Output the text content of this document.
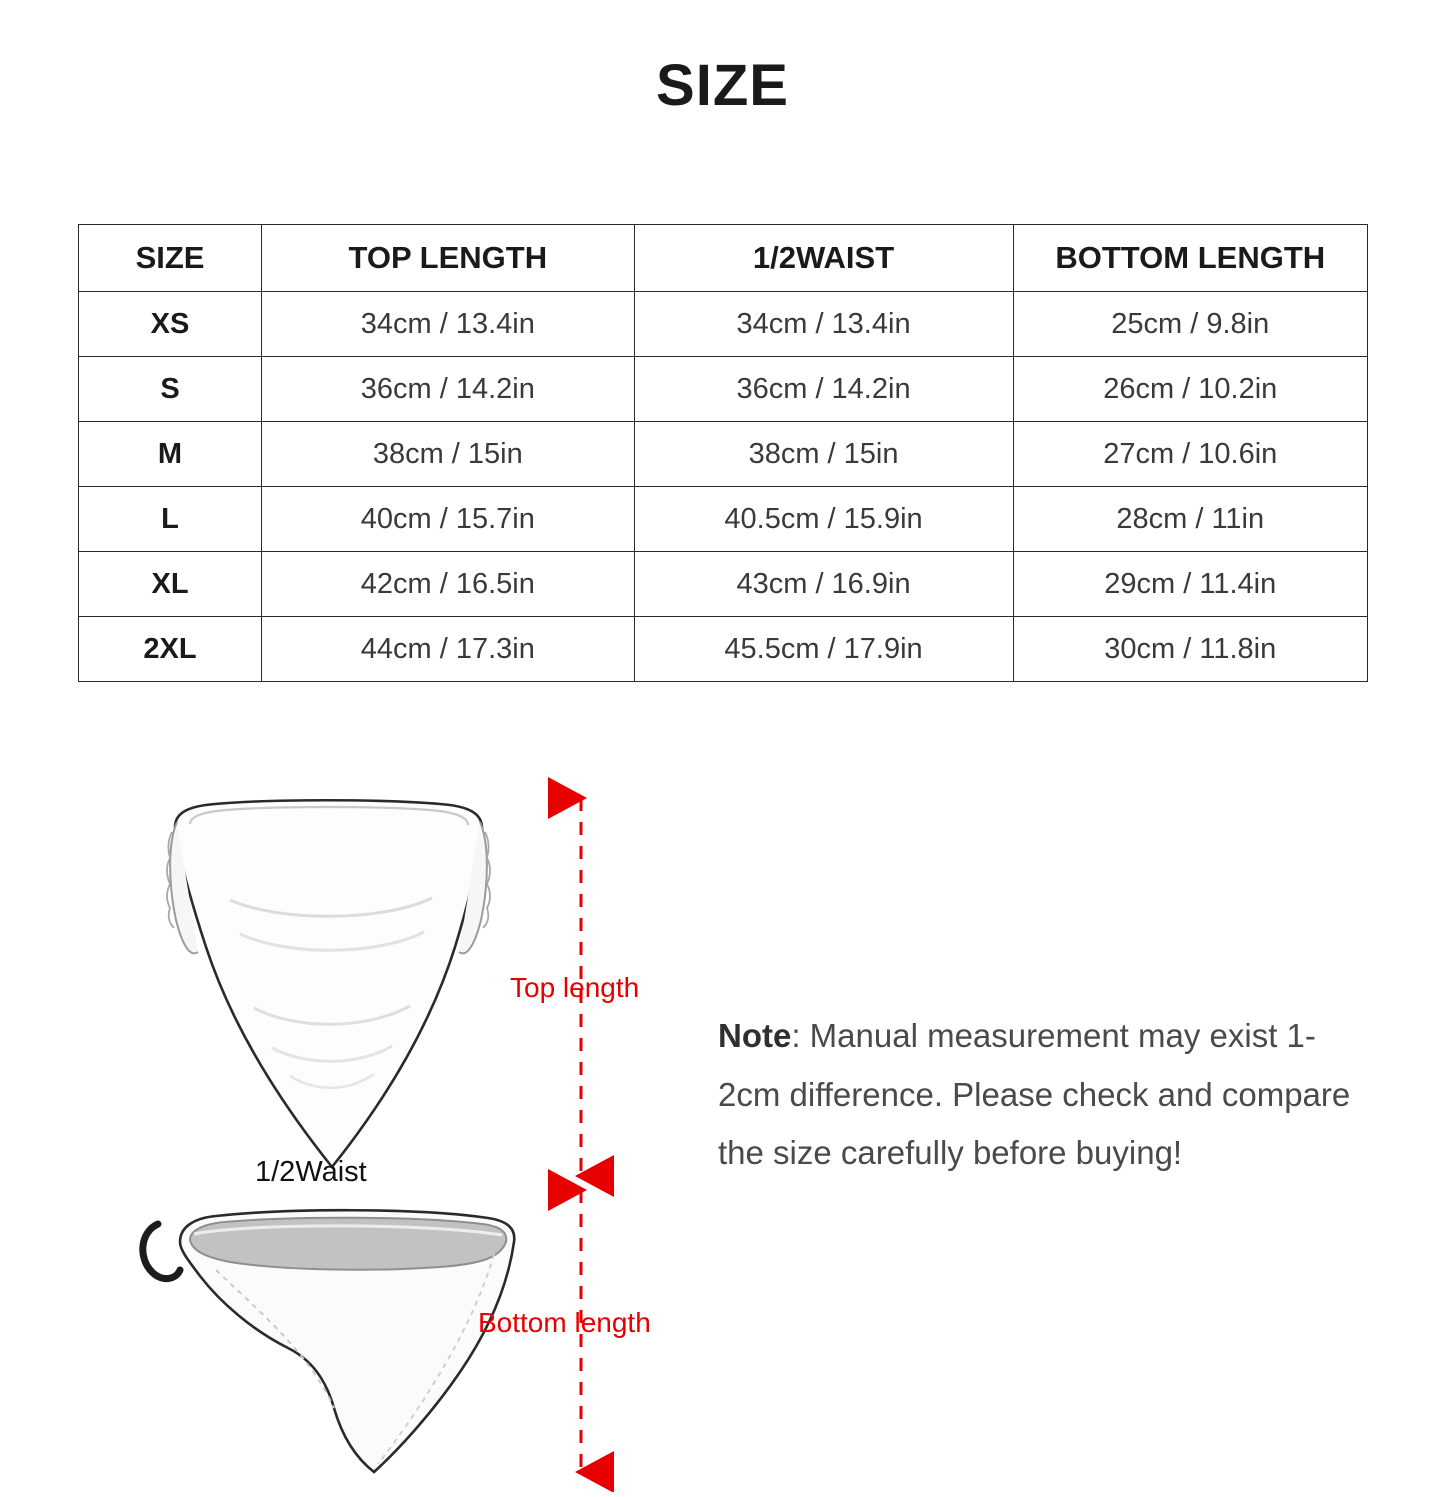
SIZE
SIZE	TOP LENGTH	1/2WAIST	BOTTOM LENGTH
XS	34cm / 13.4in	34cm / 13.4in	25cm / 9.8in
S	36cm / 14.2in	36cm / 14.2in	26cm / 10.2in
M	38cm / 15in	38cm / 15in	27cm / 10.6in
L	40cm / 15.7in	40.5cm / 15.9in	28cm / 11in
XL	42cm / 16.5in	43cm / 16.9in	29cm / 11.4in
2XL	44cm / 17.3in	45.5cm / 17.9in	30cm / 11.8in
Top length
1/2Waist
Bottom length
Note: Manual measurement may exist 1-2cm difference. Please check and compare the size carefully before buying!
